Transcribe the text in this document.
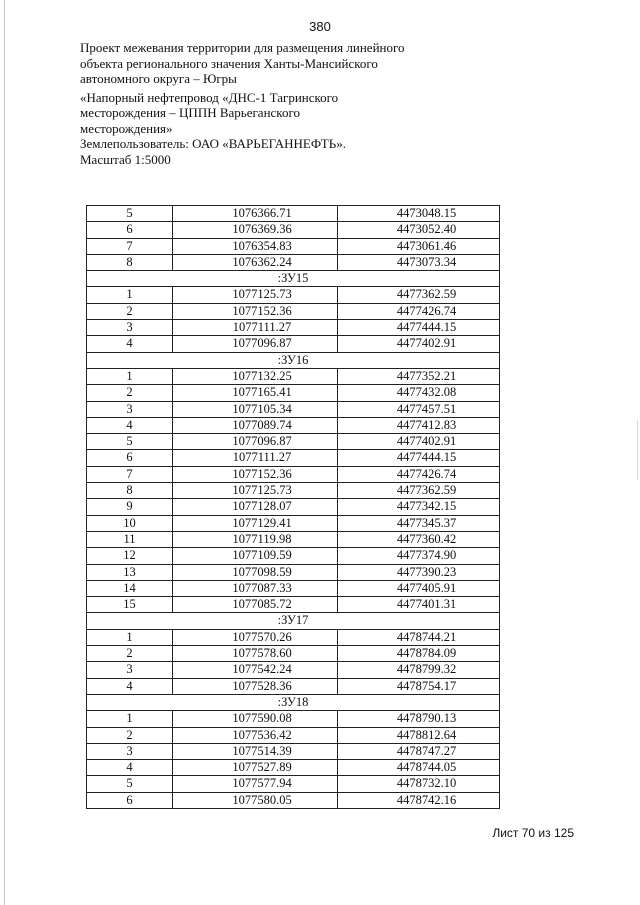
380
Проект межевания территории для размещения линейного
объекта регионального значения Ханты-Мансийского
автономного округа – Югры
«Напорный нефтепровод «ДНС-1 Тагринского
месторождения – ЦППН Варьеганского
месторождения»
Землепользователь: ОАО «ВАРЬЕГАННЕФТЬ».
Масштаб 1:5000
5	1076366.71	4473048.15
6	1076369.36	4473052.40
7	1076354.83	4473061.46
8	1076362.24	4473073.34
:ЗУ15		
1	1077125.73	4477362.59
2	1077152.36	4477426.74
3	1077111.27	4477444.15
4	1077096.87	4477402.91
:ЗУ16		
1	1077132.25	4477352.21
2	1077165.41	4477432.08
3	1077105.34	4477457.51
4	1077089.74	4477412.83
5	1077096.87	4477402.91
6	1077111.27	4477444.15
7	1077152.36	4477426.74
8	1077125.73	4477362.59
9	1077128.07	4477342.15
10	1077129.41	4477345.37
11	1077119.98	4477360.42
12	1077109.59	4477374.90
13	1077098.59	4477390.23
14	1077087.33	4477405.91
15	1077085.72	4477401.31
:ЗУ17		
1	1077570.26	4478744.21
2	1077578.60	4478784.09
3	1077542.24	4478799.32
4	1077528.36	4478754.17
:ЗУ18		
1	1077590.08	4478790.13
2	1077536.42	4478812.64
3	1077514.39	4478747.27
4	1077527.89	4478744.05
5	1077577.94	4478732.10
6	1077580.05	4478742.16
Лист 70 из 125
